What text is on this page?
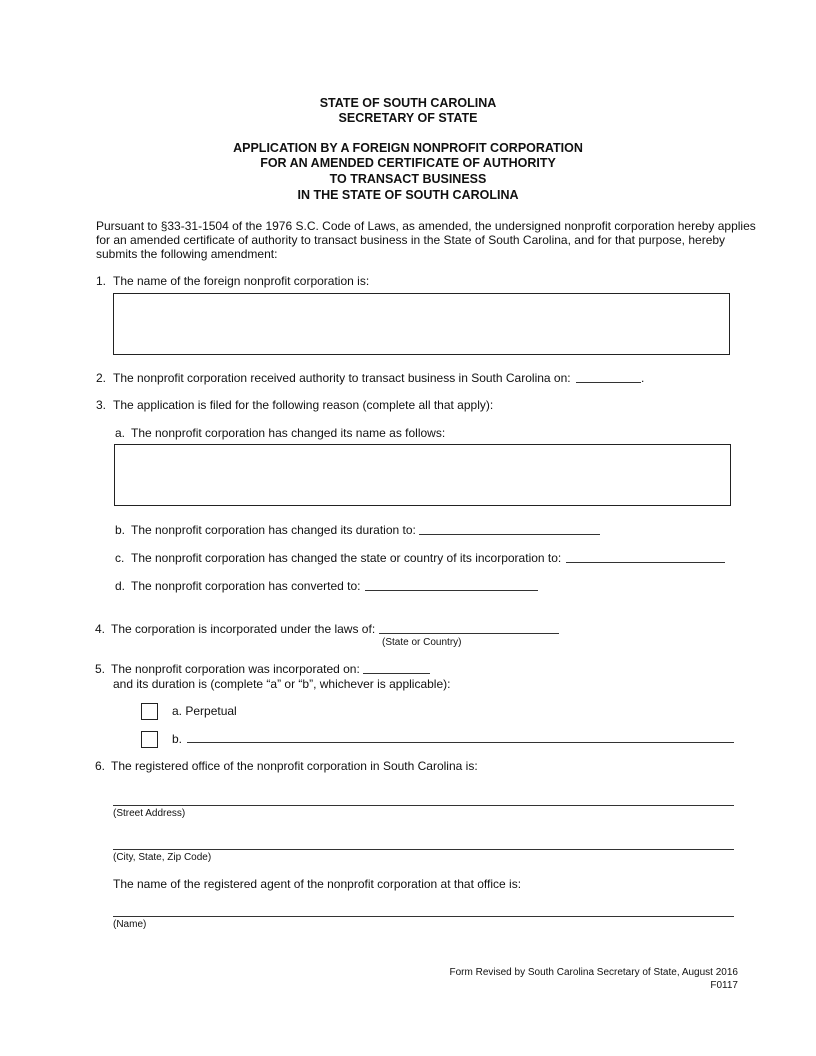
STATE OF SOUTH CAROLINA
SECRETARY OF STATE
APPLICATION BY A FOREIGN NONPROFIT CORPORATION
FOR AN AMENDED CERTIFICATE OF AUTHORITY
TO TRANSACT BUSINESS
IN THE STATE OF SOUTH CAROLINA
Pursuant to §33-31-1504 of the 1976 S.C. Code of Laws, as amended, the undersigned nonprofit corporation hereby applies
for an amended certificate of authority to transact business in the State of South Carolina, and for that purpose, hereby
submits the following amendment:
1. The name of the foreign nonprofit corporation is:
2. The nonprofit corporation received authority to transact business in South Carolina on:	.
3. The application is filed for the following reason (complete all that apply):
a. The nonprofit corporation has changed its name as follows:
b. The nonprofit corporation has changed its duration to:
c. The nonprofit corporation has changed the state or country of its incorporation to:
d. The nonprofit corporation has converted to:
4. The corporation is incorporated under the laws of:
(State or Country)
5. The nonprofit corporation was incorporated on:
and its duration is (complete “a” or “b”, whichever is applicable):
a. Perpetual
b.
6. The registered office of the nonprofit corporation in South Carolina is:
(Street Address)
(City, State, Zip Code)
The name of the registered agent of the nonprofit corporation at that office is:
(Name)
Form Revised by South Carolina Secretary of State, August 2016
F0117
